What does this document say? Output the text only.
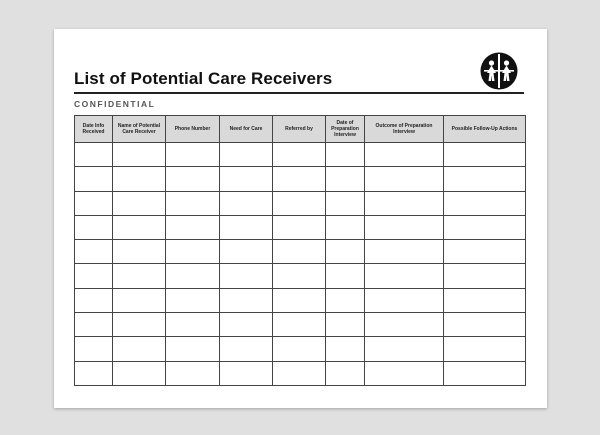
List of Potential Care Receivers
CONFIDENTIAL
Date Info Received	Name of Potential Care Receiver	Phone Number	Need for Care	Referred by	Date of Preparation Interview	Outcome of Preparation Interview	Possible Follow-Up Actions
